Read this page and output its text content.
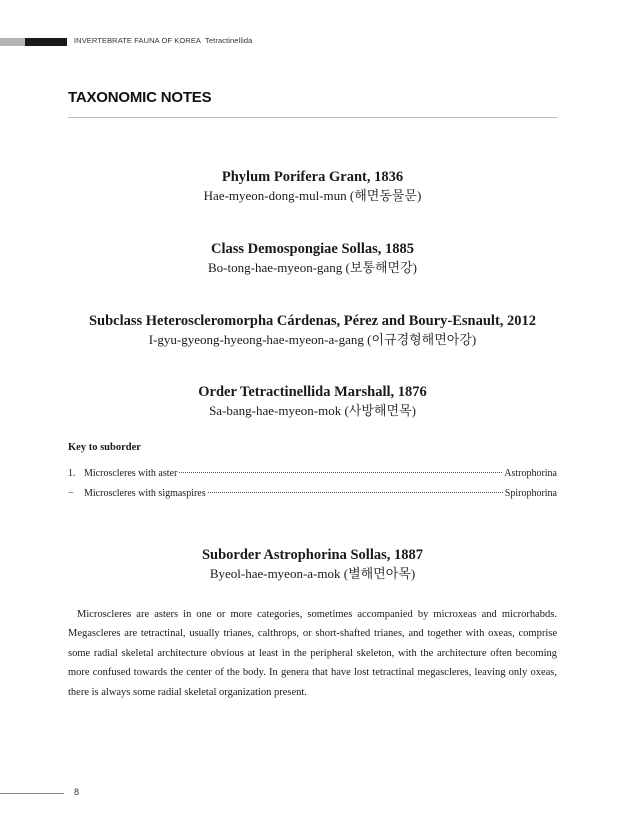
INVERTEBRATE FAUNA OF KOREA Tetractinellida
TAXONOMIC NOTES
Phylum Porifera Grant, 1836
Hae-myeon-dong-mul-mun (해면동물문)
Class Demospongiae Sollas, 1885
Bo-tong-hae-myeon-gang (보통해면강)
Subclass Heteroscleromorpha Cárdenas, Pérez and Boury-Esnault, 2012
I-gyu-gyeong-hyeong-hae-myeon-a-gang (이규경형해면아강)
Order Tetractinellida Marshall, 1876
Sa-bang-hae-myeon-mok (사방해면목)
Key to suborder
1. Microscleres with aster	Astrophorina
−	Microscleres with sigmaspires	Spirophorina
Suborder Astrophorina Sollas, 1887
Byeol-hae-myeon-a-mok (별해면아목)

Microscleres are asters in one or more categories, sometimes accompanied by microxeas and microrhabds. Megascleres are tetractinal, usually trianes, calthrops, or short-shafted trianes, and together with oxeas, comprise some radial skeletal architecture obvious at least in the peripheral skeleton, with the architecture often becoming more confused towards the center of the body. In genera that have lost tetractinal megascleres, leaving only oxeas, there is always some radial skeletal organization present.

8
